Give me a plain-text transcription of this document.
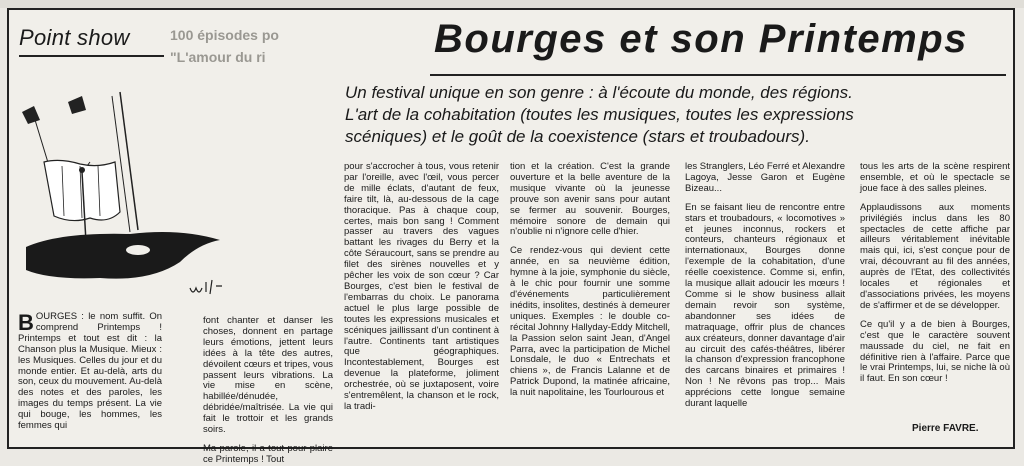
100 épisodes po
"L'amour du ri
Point show	Bourges et son Printemps

Un festival unique en son genre : à l'écoute du monde, des régions.

L'art de la cohabitation (toutes les musiques, toutes les expressions

scéniques) et le goût de la coexistence (stars et troubadours).

BOURGES : le nom suffit. On comprend Printemps ! Printemps et tout est dit : la Chanson plus la Musique. Mieux : les Musiques. Celles du jour et du monde entier. Et au-delà, arts du son, ceux du mouvement. Au-delà des notes et des paroles, les images du temps présent. La vie qui bouge, les hommes, les femmes qui

font chanter et danser les choses, donnent en partage leurs émotions, jettent leurs idées à la tête des autres, dévoilent cœurs et tripes, vous passent leurs vibrations. La vie mise en scène, habillée/dénudée, débridée/maîtrisée. La vie qui fait le trottoir et les grands soirs.

Ma parole, il a tout pour plaire ce Printemps ! Tout

pour s'accrocher à tous, vous retenir par l'oreille, avec l'œil, vous percer de mille éclats, d'autant de feux, faire tilt, là, au-dessous de la cage thoracique. Pas à chaque coup, certes, mais bon sang ! Comment passer au travers des vagues battant les rivages du Berry et la côte Séraucourt, sans se prendre au filet des sirènes nouvelles et y pêcher les voix de son cœur ? Car Bourges, c'est bien le festival de l'embarras du choix. Le panorama actuel le plus large possible de toutes les expressions musicales et scéniques jaillissant d'un continent à l'autre. Continents tant artistiques que géographiques. Incontestablement, Bourges est devenue la plateforme, joliment orchestrée, où se juxtaposent, voire s'entremêlent, la chanson et le rock, la tradi-

tion et la création. C'est la grande ouverture et la belle aventure de la musique vivante où la jeunesse prouve son avenir sans pour autant se fermer au souvenir. Bourges, mémoire sonore de demain qui n'oublie ni n'ignore celle d'hier.

Ce rendez-vous qui devient cette année, en sa neuvième édition, hymne à la joie, symphonie du siècle, à le chic pour fournir une somme d'événements particulièrement inédits, insolites, destinés à demeurer uniques. Exemples : le double co-récital Johnny Hallyday-Eddy Mitchell, la Passion selon saint Jean, d'Angel Parra, avec la participation de Michel Lonsdale, le duo « Entrechats et chiens », de Francis Lalanne et de Patrick Dupond, la matinée africaine, la nuit napolitaine, les Tourlourous et

les Stranglers, Léo Ferré et Alexandre Lagoya, Jesse Garon et Eugène Bizeau...

En se faisant lieu de rencontre entre stars et troubadours, « locomotives » et jeunes inconnus, rockers et conteurs, chanteurs régionaux et internationaux, Bourges donne l'exemple de la cohabitation, d'une réelle coexistence. Comme si, enfin, la musique allait adoucir les mœurs ! Comme si le show business allait demain revoir son système, abandonner ses idées de matraquage, offrir plus de chances aux créateurs, donner davantage d'air au circuit des cafés-théâtres, libérer la chanson d'expression francophone des carcans binaires et primaires ! Non ! Ne rêvons pas trop... Mais apprécions cette longue semaine durant laquelle

tous les arts de la scène respirent ensemble, et où le spectacle se joue face à des salles pleines.

Applaudissons aux moments privilégiés inclus dans les 80 spectacles de cette affiche par ailleurs véritablement inévitable mais qui, ici, s'est conçue pour de vrai, découvrant au fil des années, auprès de l'Etat, des collectivités locales et régionales et d'associations privées, les moyens de s'affirmer et de se développer.

Ce qu'il y a de bien à Bourges, c'est que le caractère souvent maussade du ciel, ne fait en définitive rien à l'affaire. Parce que le vrai Printemps, lui, se niche là où il faut. En son cœur !

Pierre FAVRE.
